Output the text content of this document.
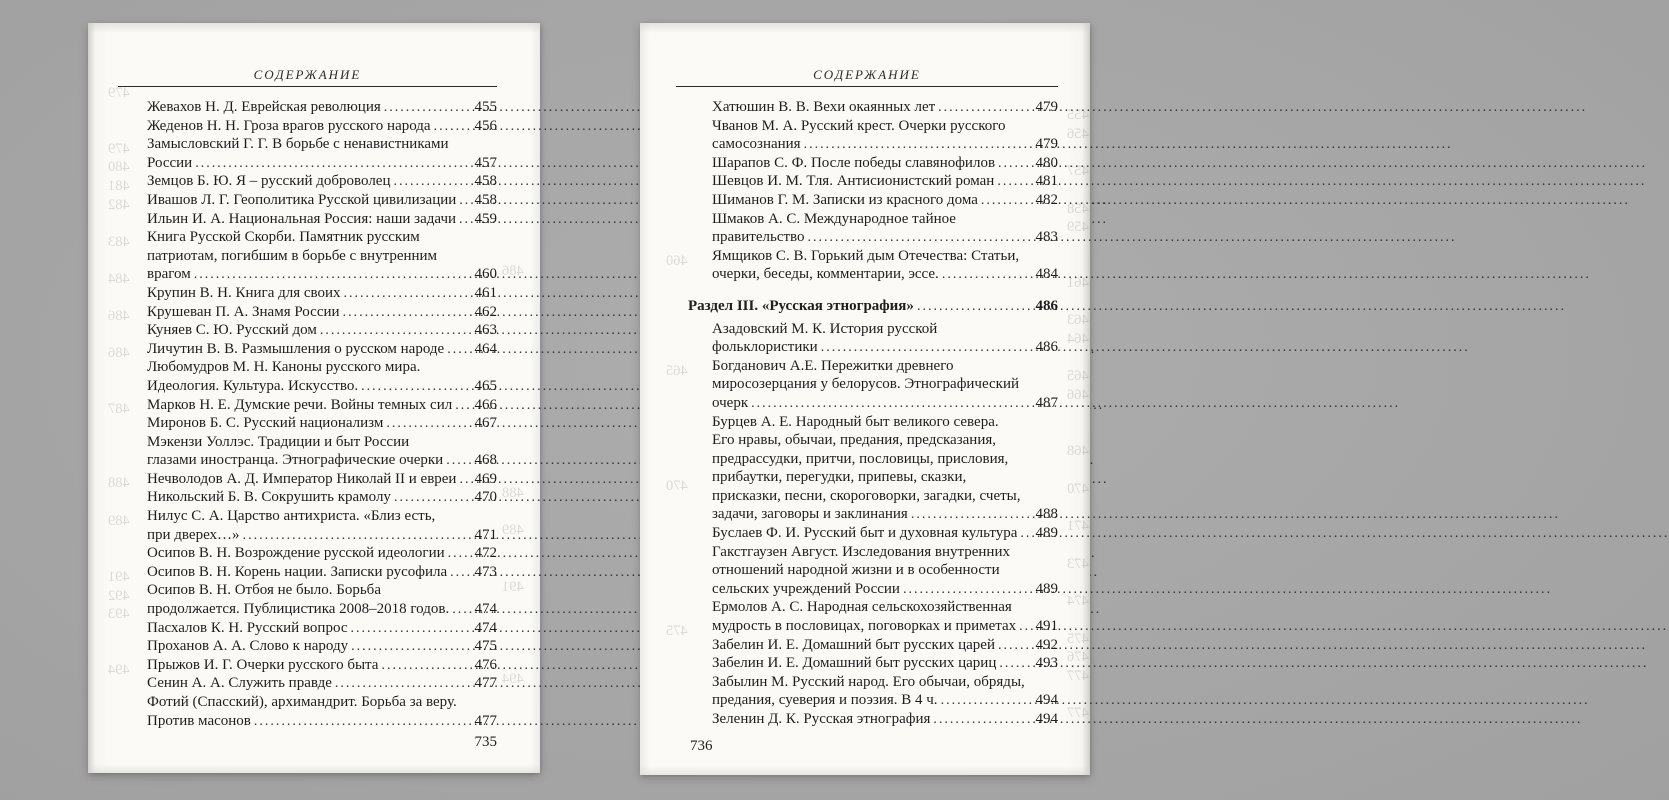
СОДЕРЖАНИЕ
Жевахов Н. Д. Еврейская революция .....	455
Жеденов Н. Н. Гроза врагов русского народа .....	456
Замысловский Г. Г. В борьбе с ненавистниками
России .....	457
Земцов Б. Ю. Я – русский доброволец .....	458
Ивашов Л. Г. Геополитика Русской цивилизации ..... 458
Ильин И. А. Национальная Россия: наши задачи ..... 459
Книга Русской Скорби. Памятник русским
патриотам, погибшим в борьбе с внутренним
врагом .....	460
Крупин В. Н. Книга для своих .....	461
Крушеван П. А. Знамя России .....	462
Куняев С. Ю. Русский дом .....	463
Личутин В. В. Размышления о русском народе ..... 464
Любомудров М. Н. Каноны русского мира.
Идеология. Культура. Искусство. .....	465
Марков Н. Е. Думские речи. Войны темных сил ..... 466
Миронов Б. С. Русский национализм .....	467
Мэкензи Уоллэс. Традиции и быт России
глазами иностранца. Этнографические очерки ..... 468
Нечволодов А. Д. Император Николай II и евреи ..... 469
Никольский Б. В. Сокрушить крамолу .....	470
Нилус С. А. Царство антихриста. «Близ есть,
при дверех…» .....	471
Осипов В. Н. Возрождение русской идеологии ..... 472
Осипов В. Н. Корень нации. Записки русофила ..... 473
Осипов В. Н. Отбоя не было. Борьба
продолжается. Публицистика 2008–2018 годов. ..... 474
Пасхалов К. Н. Русский вопрос .....	474
Проханов А. А. Слово к народу .....	475
Прыжов И. Г. Очерки русского быта .....	476
Сенин А. А. Служить правде .....	477
Фотий (Спасский), архимандрит. Борьба за веру.
Против масонов .....	477
735
479
479
480
481
482
483
484
486
486
487
488
489
491
492
493
494
486
488
489
491
494
СОДЕРЖАНИЕ
Хатюшин В. В. Вехи окаянных лет .....	479
Чванов М. А. Русский крест. Очерки русского
самосознания .....	479
Шарапов С. Ф. После победы славянофилов .....	480
Шевцов И. М. Тля. Антисионистский роман .....	481
Шиманов Г. М. Записки из красного дома .....	482
Шмаков А. С. Международное тайное
правительство .....	483
Ямщиков С. В. Горький дым Отечества: Статьи,
очерки, беседы, комментарии, эссе. .....	484
Раздел III. «Русская этнография» .....	486
Азадовский М. К. История русской
фольклористики .....	486
Богданович А.Е. Пережитки древнего
миросозерцания у белорусов. Этнографический
очерк .....	487
Бурцев А. Е. Народный быт великого севера.
Его нравы, обычаи, предания, предсказания,
предрассудки, притчи, пословицы, присловия,
прибаутки, перегудки, припевы, сказки,
присказки, песни, скороговорки, загадки, счеты,
задачи, заговоры и заклинания .....	488
Буслаев Ф. И. Русский быт и духовная культура ..... 489
Гакстгаузен Август. Изследования внутренних
отношений народной жизни и в особенности
сельских учреждений России .....	489
Ермолов А. С. Народная сельскохозяйственная
мудрость в пословицах, поговорках и приметах ..... 491
Забелин И. Е. Домашний быт русских царей .....	492
Забелин И. Е. Домашний быт русских цариц .....	493
Забылин М. Русский народ. Его обычаи, обряды,
предания, суеверия и поэзия. В 4 ч. .....	494
Зеленин Д. К. Русская этнография .....	494
736
455
456
457
458
459
461
463
464
465
466
468
470
471
473
474
475
476
477
477
460
465
470
475
